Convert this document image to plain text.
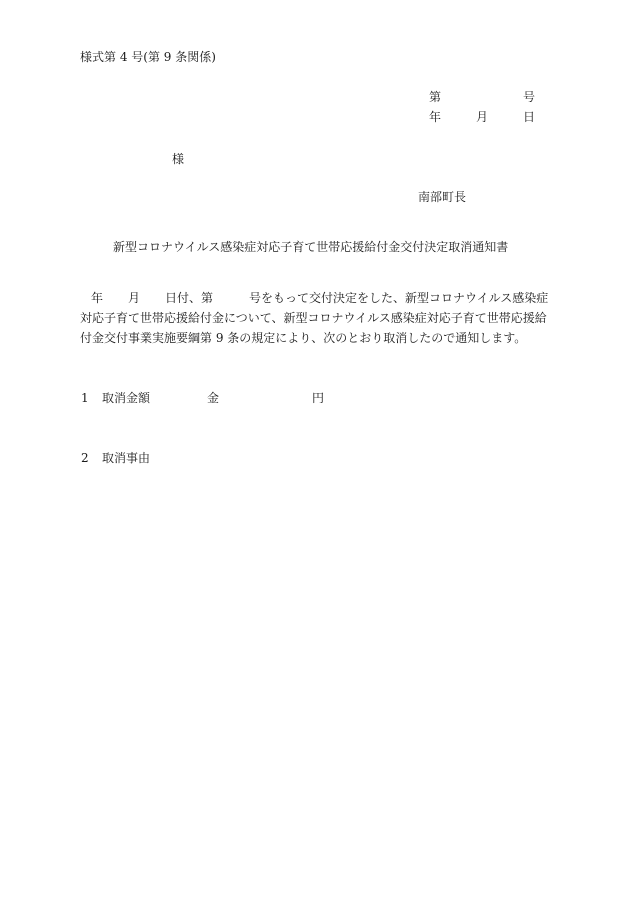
様式第 4 号(第 9 条関係)
第	号
年	月	日
様
南部町長
新型コロナウイルス感染症対応子育て世帯応援給付金交付決定取消通知書
年 月 日付、第	号をもって交付決定をした、新型コロナウイルス感染症
対応子育て世帯応援給付金について、新型コロナウイルス感染症対応子育て世帯応援給
付金交付事業実施要綱第 9 条の規定により、次のとおり取消したので通知します。
1 取消金額	金	円
2 取消事由
